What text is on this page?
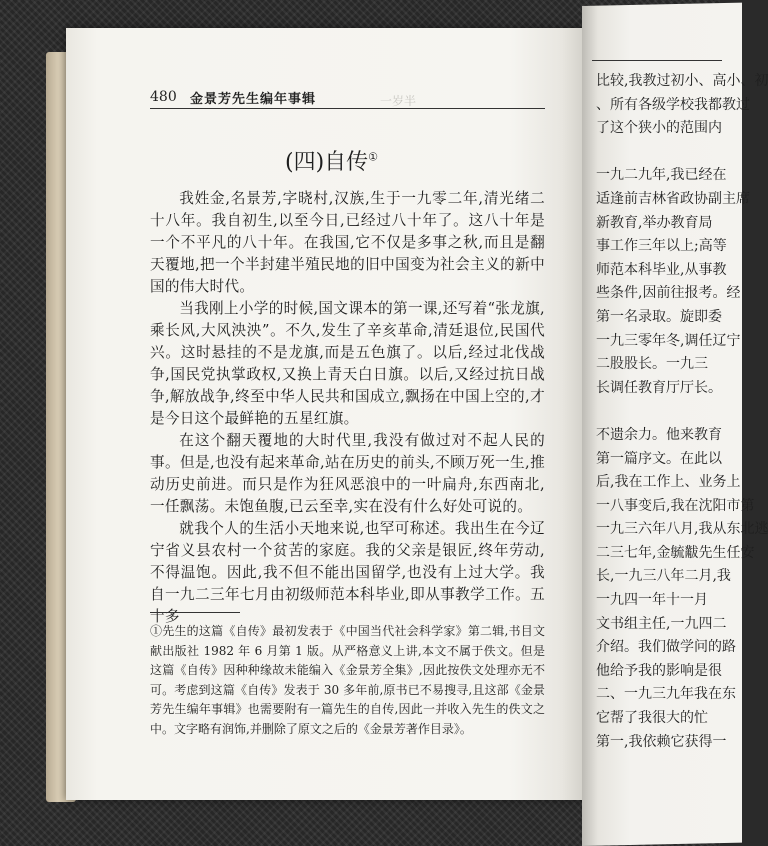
480 金景芳先生编年事辑	一岁半
(四)自传①

我姓金,名景芳,字晓村,汉族,生于一九零二年,清光绪二十八年。我自初生,以至今日,已经过八十年了。这八十年是一个不平凡的八十年。在我国,它不仅是多事之秋,而且是翻天覆地,把一个半封建半殖民地的旧中国变为社会主义的新中国的伟大时代。

当我刚上小学的时候,国文课本的第一课,还写着“张龙旗,乘长风,大风泱泱”。不久,发生了辛亥革命,清廷退位,民国代兴。这时悬挂的不是龙旗,而是五色旗了。以后,经过北伐战争,国民党执掌政权,又换上青天白日旗。以后,又经过抗日战争,解放战争,终至中华人民共和国成立,飘扬在中国上空的,才是今日这个最鲜艳的五星红旗。

在这个翻天覆地的大时代里,我没有做过对不起人民的事。但是,也没有起来革命,站在历史的前头,不顾万死一生,推动历史前进。而只是作为狂风恶浪中的一叶扁舟,东西南北,一任飘荡。未饱鱼腹,已云至幸,实在没有什么好处可说的。

就我个人的生活小天地来说,也罕可称述。我出生在今辽宁省义县农村一个贫苦的家庭。我的父亲是银匠,终年劳动,不得温饱。因此,我不但不能出国留学,也没有上过大学。我自一九二三年七月由初级师范本科毕业,即从事教学工作。五十多

①先生的这篇《自传》最初发表于《中国当代社会科学家》第二辑,书目文献出版社 1982 年 6 月第 1 版。从严格意义上讲,本文不属于佚文。但是这篇《自传》因种种缘故未能编入《金景芳全集》,因此按佚文处理亦无不可。考虑到这篇《自传》发表于 30 多年前,原书已不易搜寻,且这部《金景芳先生编年事辑》也需要附有一篇先生的自传,因此一并收入先生的佚文之中。文字略有润饰,并删除了原文之后的《金景芳著作目录》。
比较,我教过初小、高小、初
、所有各级学校我都教过
了这个狭小的范围内
一九二九年,我已经在
适逢前吉林省政协副主席
新教育,举办教育局
事工作三年以上;高等
师范本科毕业,从事教
些条件,因前往报考。经
第一名录取。旋即委
一九三零年冬,调任辽宁
二股股长。一九三
长调任教育厅厅长。
不遗余力。他来教育
第一篇序文。在此以
后,我在工作上、业务上
一八事变后,我在沈阳市第
一九三六年八月,我从东北逃
二三七年,金毓黻先生任安
长,一九三八年二月,我
一九四一年十一月
文书组主任,一九四二
介绍。我们做学问的路
他给予我的影响是很
二、一九三九年我在东
它帮了我很大的忙
第一,我依赖它获得一
